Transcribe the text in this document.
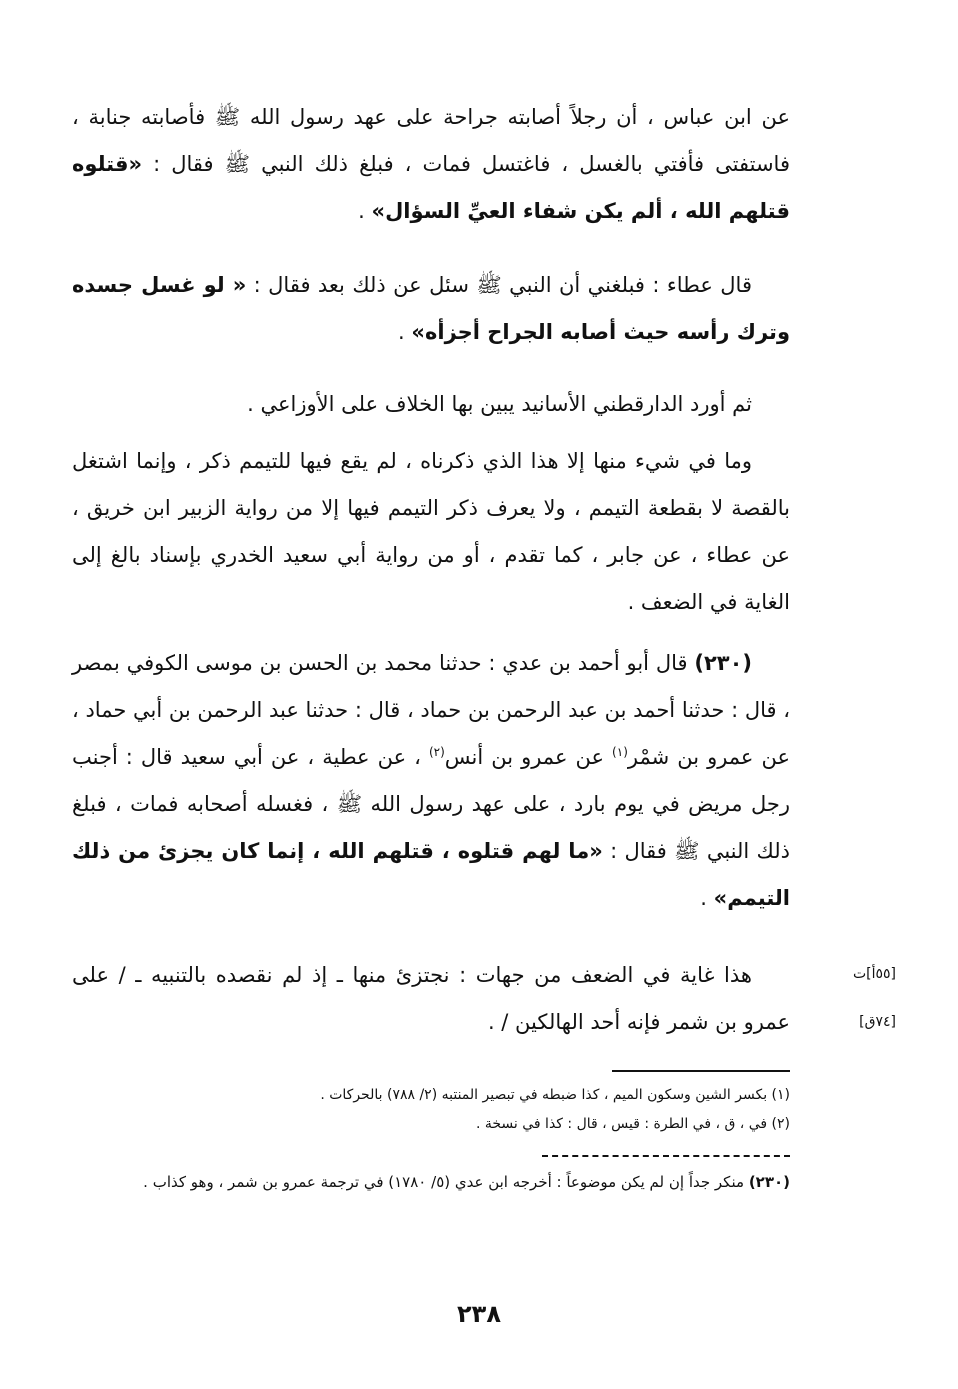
عن ابن عباس ، أن رجلاً أصابته جراحة على عهد رسول الله ﷺ فأصابته جنابة ، فاستفتى فأفتي بالغسل ، فاغتسل فمات ، فبلغ ذلك النبي ﷺ فقال : «قتلوه قتلهم الله ، ألم يكن شفاء العيِّ السؤال» .

قال عطاء : فبلغني أن النبي ﷺ سئل عن ذلك بعد فقال : « لو غسل جسده وترك رأسه حيث أصابه الجراح أجزأه» .

ثم أورد الدارقطني الأسانيد يبين بها الخلاف على الأوزاعي .

وما في شيء منها إلا هذا الذي ذكرناه ، لم يقع فيها للتيمم ذكر ، وإنما اشتغل بالقصة لا بقطعة التيمم ، ولا يعرف ذكر التيمم فيها إلا من رواية الزبير ابن خريق ، عن عطاء ، عن جابر ، كما تقدم ، أو من رواية أبي سعيد الخدري بإسناد بالغ إلى الغاية في الضعف .

(٢٣٠) قال أبو أحمد بن عدي : حدثنا محمد بن الحسن بن موسى الكوفي بمصر ، قال : حدثنا أحمد بن عبد الرحمن بن حماد ، قال : حدثنا عبد الرحمن بن أبي حماد ، عن عمرو بن شمْر$^{(١)}$ عن عمرو بن أنس$^{(٢)}$ ، عن عطية ، عن أبي سعيد قال : أجنب رجل مريض في يوم بارد ، على عهد رسول الله ﷺ ، فغسله أصحابه فمات ، فبلغ ذلك النبي ﷺ فقال : «ما لهم قتلوه ، قتلهم الله ، إنما كان يجزئ من ذلك التيمم» .

هذا غاية في الضعف من جهات : نجتزئ منها ـ إذ لم نقصده بالتنبيه ـ / على عمرو بن شمر فإنه أحد الهالكين / .

[٥٥أ]ت
[٧٤ق]

(١) بكسر الشين وسكون الميم ، كذا ضبطه في تبصير المنتبه (٢/ ٧٨٨) بالحركات .

(٢) في ، ق ، في الطرة : قيس ، قال : كذا في نسخة .

(٢٣٠) منكر جداً إن لم يكن موضوعاً : أخرجه ابن عدي (٥/ ١٧٨٠) في ترجمة عمرو بن شمر ، وهو كذاب .

٢٣٨
